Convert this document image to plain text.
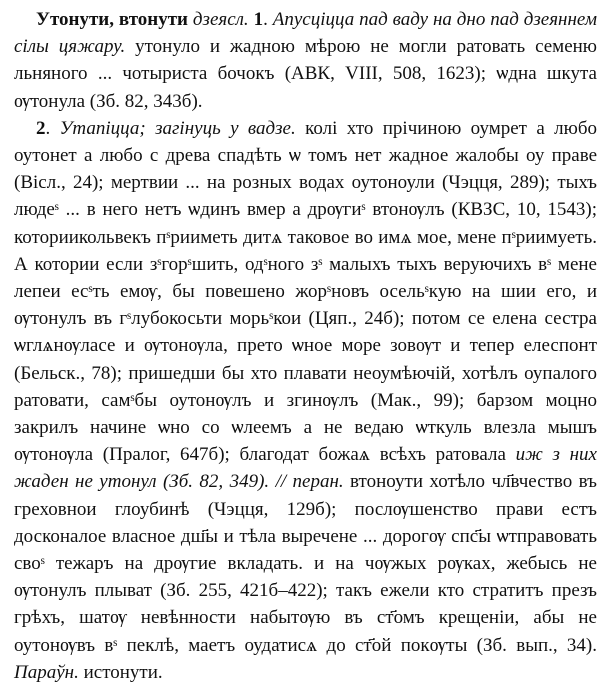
Утонути, втонути дзеясл. 1. Апусціцца пад ваду на дно пад дзеяннем сілы цяжару. утонуло и жадною мѣрою не могли ратовать семеню льняного ... чотыриста бочокъ (АВК, VIII, 508, 1623); ѡдна шкута ѹтонула (Зб. 82, 343б).

2. Утапіцца; загінуць у вадзе. колі хто прічиною оумрет а любо оутонет а любо с древа спадѣть ѡ томъ нет жадное жалобы оу праве (Вісл., 24); мертвии ... на розных водах оутоноули (Чэцця, 289); тыхъ людеˢ ... в него нетъ ѡдинъ вмер а дрѹгиˢ втонѹлъ (КВЗС, 10, 1543); коториикольвекъ пˢрииметь дитѧ таковое во имѧ мое, мене пˢриимуеть. А котории если зˢгорˢшить, одˢного зˢ малыхъ тыхъ веруючихъ вˢ мене лепеи есˢть емѹ, бы повешено жорˢновъ осельˢкую на шии его, и ѹтонулъ въ гˢлубокосьти морьˢкои (Цяп., 24б); потом се елена сестра ѡглѧнѹласе и ѹтонѹла, прето ѡное море зовѹт и тепер елеспонт (Бельск., 78); пришедши бы хто плавати неоумѣючій, хотѣлъ оупалого ратовати, самˢбы оутонѹлъ и згинѹлъ (Мак., 99); барзом моцно закрилъ начине ѡно со ѡлеемъ а не ведаю ѡткуль влезла мышъ ѹтонѹла (Пралог, 647б); благодат божаѧ всѣхъ ратовала иж з них жаден не утонул (Зб. 82, 349). // перан. втоноути хотѣло чл҃вчество въ греховнои глоубинѣ (Чэцця, 129б); послѹшенство прави естъ досконалое власное дш҃ы и тѣла выречене ... дорогѹ спс҃ы ѡтправовать своˢ тежаръ на дрѹгие вкладать. и на чѹжых рѹках, жебысь не ѹтонулъ плыват (Зб. 255, 421б–422); такъ ежели кто стратитъ презъ грѣхъ, шатѹ невѣнности набытѹю въ ст҃омъ крещеніи, абы не оутонѹвъ вˢ пеклѣ, маетъ оудатисѧ до ст҃ой покѹты (Зб. вып., 34). Параўн. истонути.
